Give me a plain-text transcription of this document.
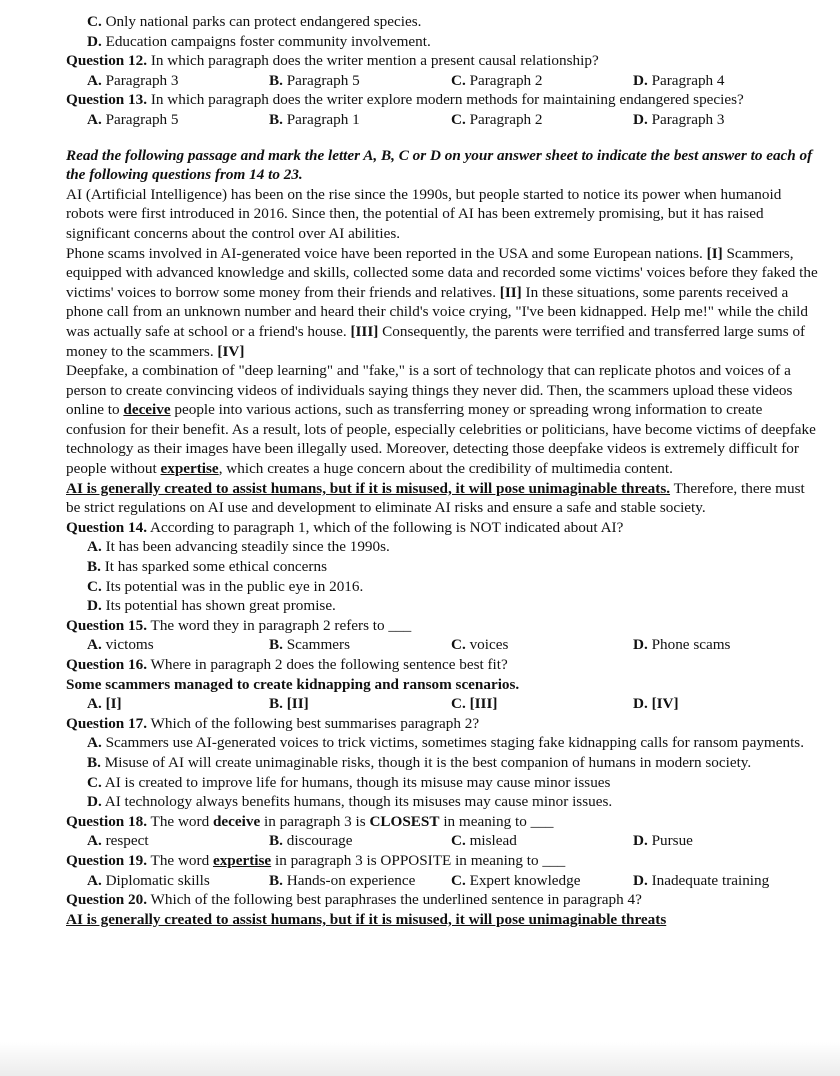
C. Only national parks can protect endangered species.
D. Education campaigns foster community involvement.
Question 12. In which paragraph does the writer mention a present causal relationship?
A. Paragraph 3	B. Paragraph 5	C. Paragraph 2	D. Paragraph 4
Question 13. In which paragraph does the writer explore modern methods for maintaining endangered species?
A. Paragraph 5	B. Paragraph 1	C. Paragraph 2	D. Paragraph 3
Read the following passage and mark the letter A, B, C or D on your answer sheet to indicate the best answer to each of the following questions from 14 to 23.
AI (Artificial Intelligence) has been on the rise since the 1990s, but people started to notice its power when humanoid robots were first introduced in 2016. Since then, the potential of AI has been extremely promising, but it has raised significant concerns about the control over AI abilities.
Phone scams involved in AI-generated voice have been reported in the USA and some European nations. [I] Scammers, equipped with advanced knowledge and skills, collected some data and recorded some victims' voices before they faked the victims' voices to borrow some money from their friends and relatives. [II] In these situations, some parents received a phone call from an unknown number and heard their child's voice crying, "I've been kidnapped. Help me!" while the child was actually safe at school or a friend's house. [III] Consequently, the parents were terrified and transferred large sums of money to the scammers. [IV]
Deepfake, a combination of "deep learning" and "fake," is a sort of technology that can replicate photos and voices of a person to create convincing videos of individuals saying things they never did. Then, the scammers upload these videos online to deceive people into various actions, such as transferring money or spreading wrong information to create confusion for their benefit. As a result, lots of people, especially celebrities or politicians, have become victims of deepfake technology as their images have been illegally used. Moreover, detecting those deepfake videos is extremely difficult for people without expertise, which creates a huge concern about the credibility of multimedia content.
AI is generally created to assist humans, but if it is misused, it will pose unimaginable threats. Therefore, there must be strict regulations on AI use and development to eliminate AI risks and ensure a safe and stable society.
Question 14. According to paragraph 1, which of the following is NOT indicated about AI?
A. It has been advancing steadily since the 1990s.
B. It has sparked some ethical concerns
C. Its potential was in the public eye in 2016.
D. Its potential has shown great promise.
Question 15. The word they in paragraph 2 refers to ___
A. victoms	B. Scammers	C. voices	D. Phone scams
Question 16. Where in paragraph 2 does the following sentence best fit?
Some scammers managed to create kidnapping and ransom scenarios.
A. [I]	B. [II]	C. [III]	D. [IV]
Question 17. Which of the following best summarises paragraph 2?
A. Scammers use AI-generated voices to trick victims, sometimes staging fake kidnapping calls for ransom payments.
B. Misuse of AI will create unimaginable risks, though it is the best companion of humans in modern society.
C. AI is created to improve life for humans, though its misuse may cause minor issues
D. AI technology always benefits humans, though its misuses may cause minor issues.
Question 18. The word deceive in paragraph 3 is CLOSEST in meaning to ___
A. respect	B. discourage	C. mislead	D. Pursue
Question 19. The word expertise in paragraph 3 is OPPOSITE in meaning to ___
A. Diplomatic skills	B. Hands-on experience	C. Expert knowledge	D. Inadequate training
Question 20. Which of the following best paraphrases the underlined sentence in paragraph 4?
AI is generally created to assist humans, but if it is misused, it will pose unimaginable threats
